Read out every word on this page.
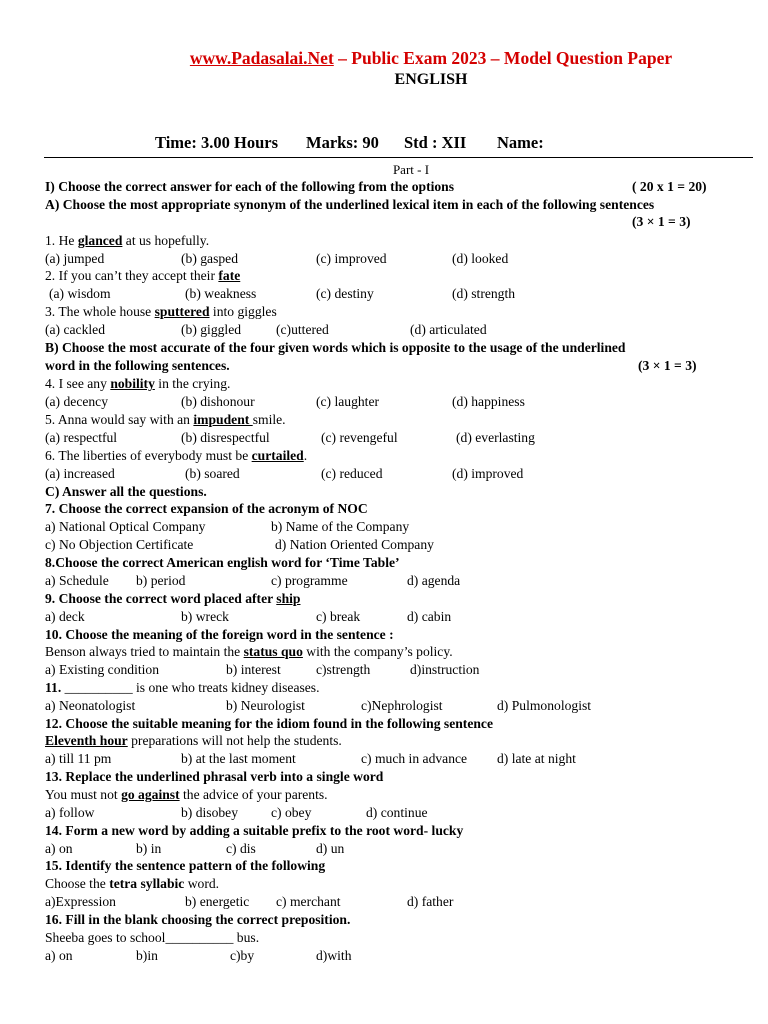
www.Padasalai.Net – Public Exam 2023 – Model Question Paper
ENGLISH
Time: 3.00 Hours Marks: 90 Std : XII Name:
Part - I
I) Choose the correct answer for each of the following from the options	( 20 x 1 = 20)
A) Choose the most appropriate synonym of the underlined lexical item in each of the following sentences
(3 × 1 = 3)
1. He glanced at us hopefully.
(a) jumped	(b) gasped	(c) improved	(d) looked
2. If you can’t they accept their fate
(a) wisdom	(b) weakness	(c) destiny	(d) strength
3. The whole house sputtered into giggles
(a) cackled	(b) giggled	(c)uttered	(d) articulated
B) Choose the most accurate of the four given words which is opposite to the usage of the underlined
word in the following sentences.	(3 × 1 = 3)
4. I see any nobility in the crying.
(a) decency	(b) dishonour	(c) laughter	(d) happiness
5. Anna would say with an impudent smile.
(a) respectful	(b) disrespectful	(c) revengeful	(d) everlasting
6. The liberties of everybody must be curtailed.
(a) increased	(b) soared	(c) reduced	(d) improved
C) Answer all the questions.
7. Choose the correct expansion of the acronym of NOC
a) National Optical Company	b) Name of the Company
c) No Objection Certificate	d) Nation Oriented Company
8.Choose the correct American english word for ‘Time Table’
a) Schedule b) period	c) programme	d) agenda
9. Choose the correct word placed after ship
a) deck	b) wreck	c) break	d) cabin
10. Choose the meaning of the foreign word in the sentence :
Benson always tried to maintain the status quo with the company’s policy.
a) Existing condition	b) interest	c)strength	d)instruction
11. __________ is one who treats kidney diseases.
a) Neonatologist	b) Neurologist	c)Nephrologist	d) Pulmonologist
12. Choose the suitable meaning for the idiom found in the following sentence
Eleventh hour preparations will not help the students.
a) till 11 pm	b) at the last moment	c) much in advance d) late at night
13. Replace the underlined phrasal verb into a single word
You must not go against the advice of your parents.
a) follow	b) disobey c) obey	d) continue
14. Form a new word by adding a suitable prefix to the root word- lucky
a) on	b) in	c) dis	d) un
15. Identify the sentence pattern of the following
Choose the tetra syllabic word.
a)Expression	b) energetic c) merchant	d) father
16. Fill in the blank choosing the correct preposition.
Sheeba goes to school__________ bus.
a) on	b)in	c)by	d)with
